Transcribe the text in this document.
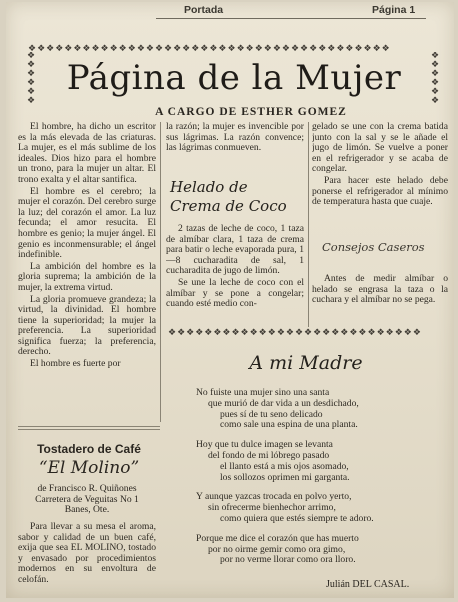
Portada	Página 1
❖❖❖❖❖❖❖❖❖❖❖❖❖❖❖❖❖❖❖❖❖❖❖❖❖❖❖❖❖❖❖❖❖❖❖❖❖❖❖❖
❖
❖
❖
❖
❖
❖
❖
❖
❖
❖
❖
❖
Página de la Mujer
A CARGO DE ESTHER GOMEZ

El hombre, ha dicho un escritor es la más elevada de las criaturas. La mujer, es el más sublime de los ideales. Dios hizo para el hombre un trono, para la mujer un altar. El trono exalta y el altar santifica.

El hombre es el cerebro; la mujer el corazón. Del cerebro surge la luz; del corazón el amor. La luz fecunda; el amor resucita. El hombre es genio; la mujer ángel. El genio es inconmensurable; el ángel indefinible.

La ambición del hombre es la gloria suprema; la ambición de la mujer, la extrema virtud.

La gloria promueve grandeza; la virtud, la divinidad. El hombre tiene la superioridad; la mujer la preferencia. La superioridad significa fuerza; la preferencia, derecho.

El hombre es fuerte por

la razón; la mujer es invencible por sus lágrimas. La razón convence; las lágrimas conmueven.

Helado de
Crema de Coco

2 tazas de leche de coco, 1 taza de almíbar clara, 1 taza de crema para batir o leche evaporada pura, 1—8 cucharadita de sal, 1 cucharadita de jugo de limón.

Se une la leche de coco con el almíbar y se pone a congelar; cuando esté medio con-

gelado se une con la crema batida junto con la sal y se le añade el jugo de limón. Se vuelve a poner en el refrigerador y se acaba de congelar.

Para hacer este helado debe ponerse el refrigerador al mínimo de temperatura hasta que cuaje.

Consejos Caseros

Antes de medir almíbar o helado se engrasa la taza o la cuchara y el almíbar no se pega.

❖❖❖❖❖❖❖❖❖❖❖❖❖❖❖❖❖❖❖❖❖❖❖❖❖❖❖❖
Tostadero de Café
“El Molino”
de Francisco R. Quiñones
Carretera de Veguitas No 1
Banes, Ote.

Para llevar a su mesa el aroma, sabor y calidad de un buen café, exija que sea EL MOLINO, tostado y envasado por procedimientos modernos en su envoltura de celofán.

A mi Madre
No fuiste una mujer sino una santa
que murió de dar vida a un desdichado,
pues sí de tu seno delicado
como sale una espina de una planta.
Hoy que tu dulce imagen se levanta
del fondo de mi lóbrego pasado
el llanto está a mis ojos asomado,
los sollozos oprimen mi garganta.
Y aunque yazcas trocada en polvo yerto,
sin ofrecerme bienhechor arrimo,
como quiera que estés siempre te adoro.
Porque me dice el corazón que has muerto
por no oirme gemir como ora gimo,
por no verme llorar como ora lloro.
Julián DEL CASAL.
